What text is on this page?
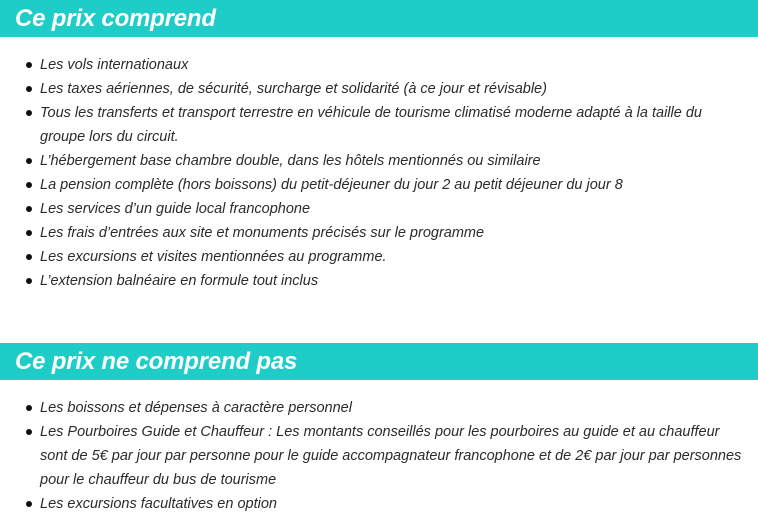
Ce prix comprend
Les vols internationaux
Les taxes aériennes, de sécurité, surcharge et solidarité (à ce jour et révisable)
Tous les transferts et transport terrestre en véhicule de tourisme climatisé moderne adapté à la taille du groupe lors du circuit.
L’hébergement base chambre double, dans les hôtels mentionnés ou similaire
La pension complète (hors boissons) du petit-déjeuner du jour 2 au petit déjeuner du jour 8
Les services d’un guide local francophone
Les frais d’entrées aux site et monuments précisés sur le programme
Les excursions et visites mentionnées au programme.
L’extension balnéaire en formule tout inclus
Ce prix ne comprend pas
Les boissons et dépenses à caractère personnel
Les Pourboires Guide et Chauffeur : Les montants conseillés pour les pourboires au guide et au chauffeur sont de 5€ par jour par personne pour le guide accompagnateur francophone et de 2€ par jour par personnes pour le chauffeur du bus de tourisme
Les excursions facultatives en option
